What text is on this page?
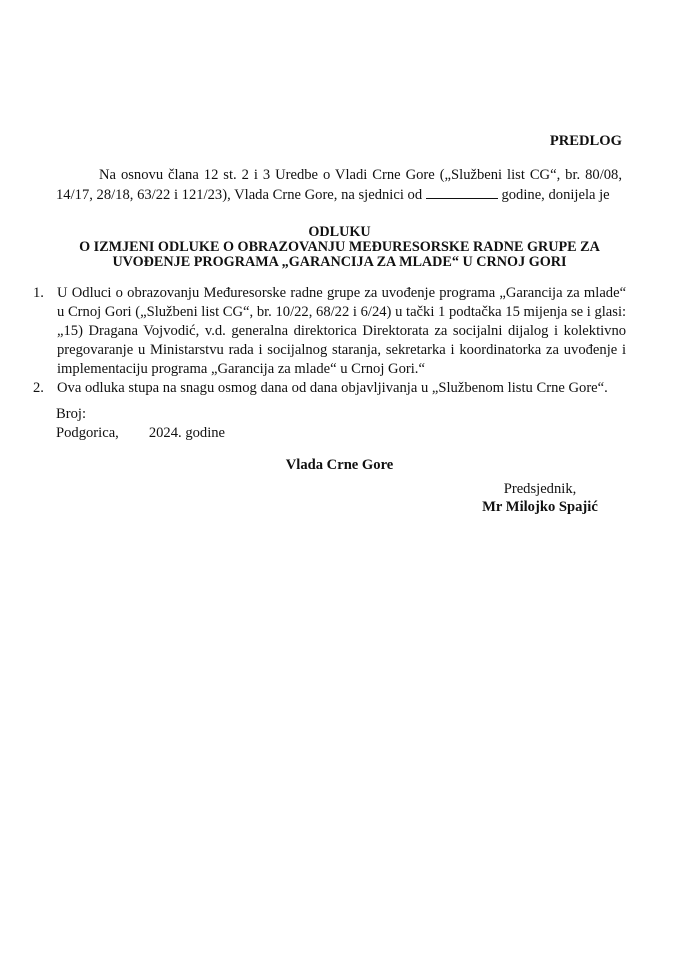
PREDLOG
Na osnovu člana 12 st. 2 i 3 Uredbe o Vladi Crne Gore („Službeni list CG“, br. 80/08,
14/17, 28/18, 63/22 i 121/23), Vlada Crne Gore, na sjednici od	godine, donijela je
ODLUKU
O IZMJENI ODLUKE O OBRAZOVANJU MEĐURESORSKE RADNE GRUPE ZA
UVOĐENJE PROGRAMA „GARANCIJA ZA MLADE“ U CRNOJ GORI
1. U Odluci o obrazovanju Međuresorske radne grupe za uvođenje programa „Garancija za mlade“
u Crnoj Gori („Službeni list CG“, br. 10/22, 68/22 i 6/24) u tački 1 podtačka 15 mijenja se i glasi:
„15) Dragana Vojvodić, v.d. generalna direktorica Direktorata za socijalni dijalog i kolektivno
pregovaranje u Ministarstvu rada i socijalnog staranja, sekretarka i koordinatorka za uvođenje i
implementaciju programa „Garancija za mlade“ u Crnoj Gori.“
2. Ova odluka stupa na snagu osmog dana od dana objavljivanja u „Službenom listu Crne Gore“.
Broj:
Podgorica, 2024. godine
Vlada Crne Gore
Predsjednik,
Mr Milojko Spajić
